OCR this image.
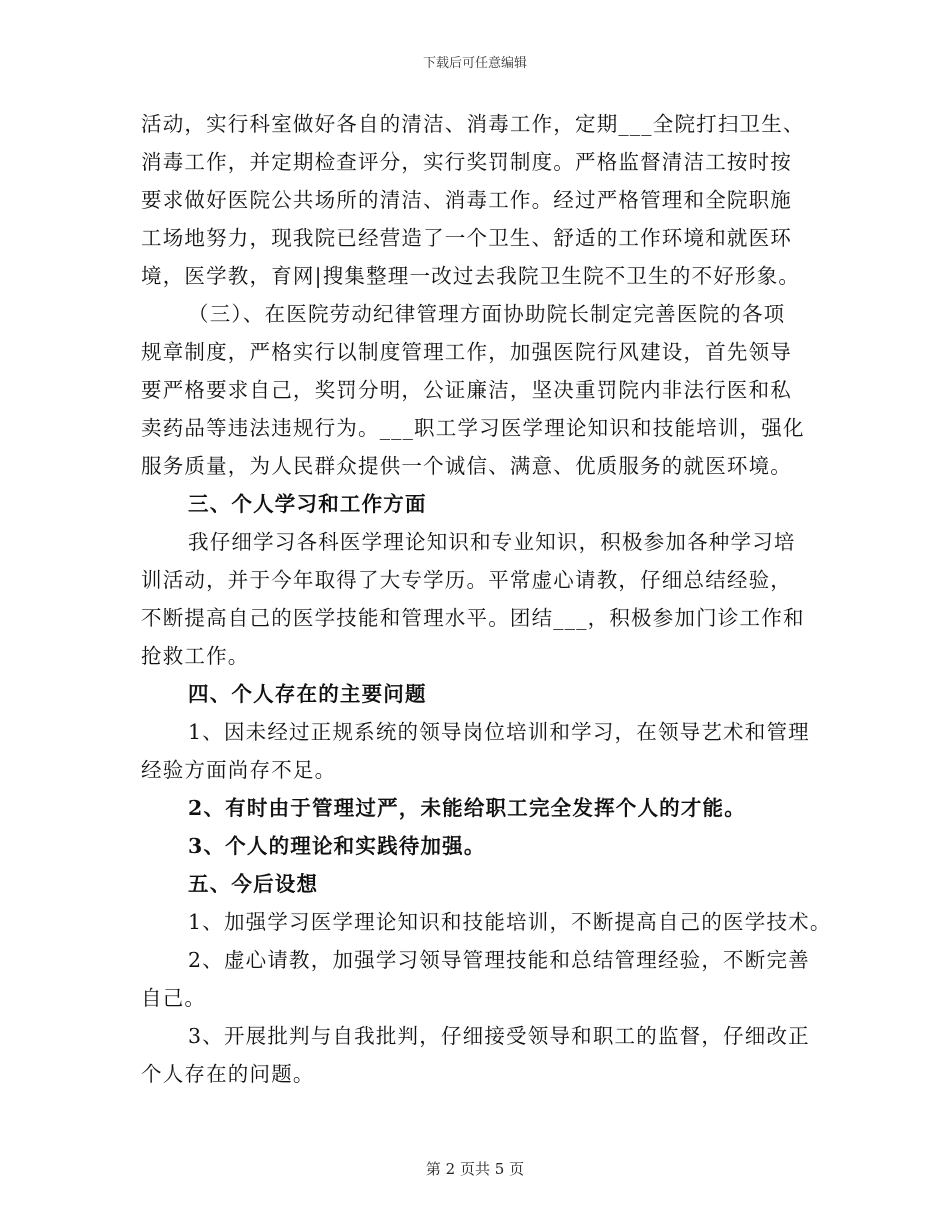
下载后可任意编辑
活动，实行科室做好各自的清洁、消毒工作，定期___全院打扫卫生、
消毒工作，并定期检查评分，实行奖罚制度。严格监督清洁工按时按
要求做好医院公共场所的清洁、消毒工作。经过严格管理和全院职施
工场地努力，现我院已经营造了一个卫生、舒适的工作环境和就医环
境，医学教，育网|搜集整理一改过去我院卫生院不卫生的不好形象。
（三）、在医院劳动纪律管理方面协助院长制定完善医院的各项
规章制度，严格实行以制度管理工作，加强医院行风建设，首先领导
要严格要求自己，奖罚分明，公证廉洁，坚决重罚院内非法行医和私
卖药品等违法违规行为。___职工学习医学理论知识和技能培训，强化
服务质量，为人民群众提供一个诚信、满意、优质服务的就医环境。
三、个人学习和工作方面
我仔细学习各科医学理论知识和专业知识，积极参加各种学习培
训活动，并于今年取得了大专学历。平常虚心请教，仔细总结经验，
不断提高自己的医学技能和管理水平。团结___，积极参加门诊工作和
抢救工作。
四、个人存在的主要问题
1、因未经过正规系统的领导岗位培训和学习，在领导艺术和管理
经验方面尚存不足。
2、有时由于管理过严，未能给职工完全发挥个人的才能。
3、个人的理论和实践待加强。
五、今后设想
1、加强学习医学理论知识和技能培训，不断提高自己的医学技术。
2、虚心请教，加强学习领导管理技能和总结管理经验，不断完善
自己。
3、开展批判与自我批判，仔细接受领导和职工的监督，仔细改正
个人存在的问题。
第 2 页共 5 页
